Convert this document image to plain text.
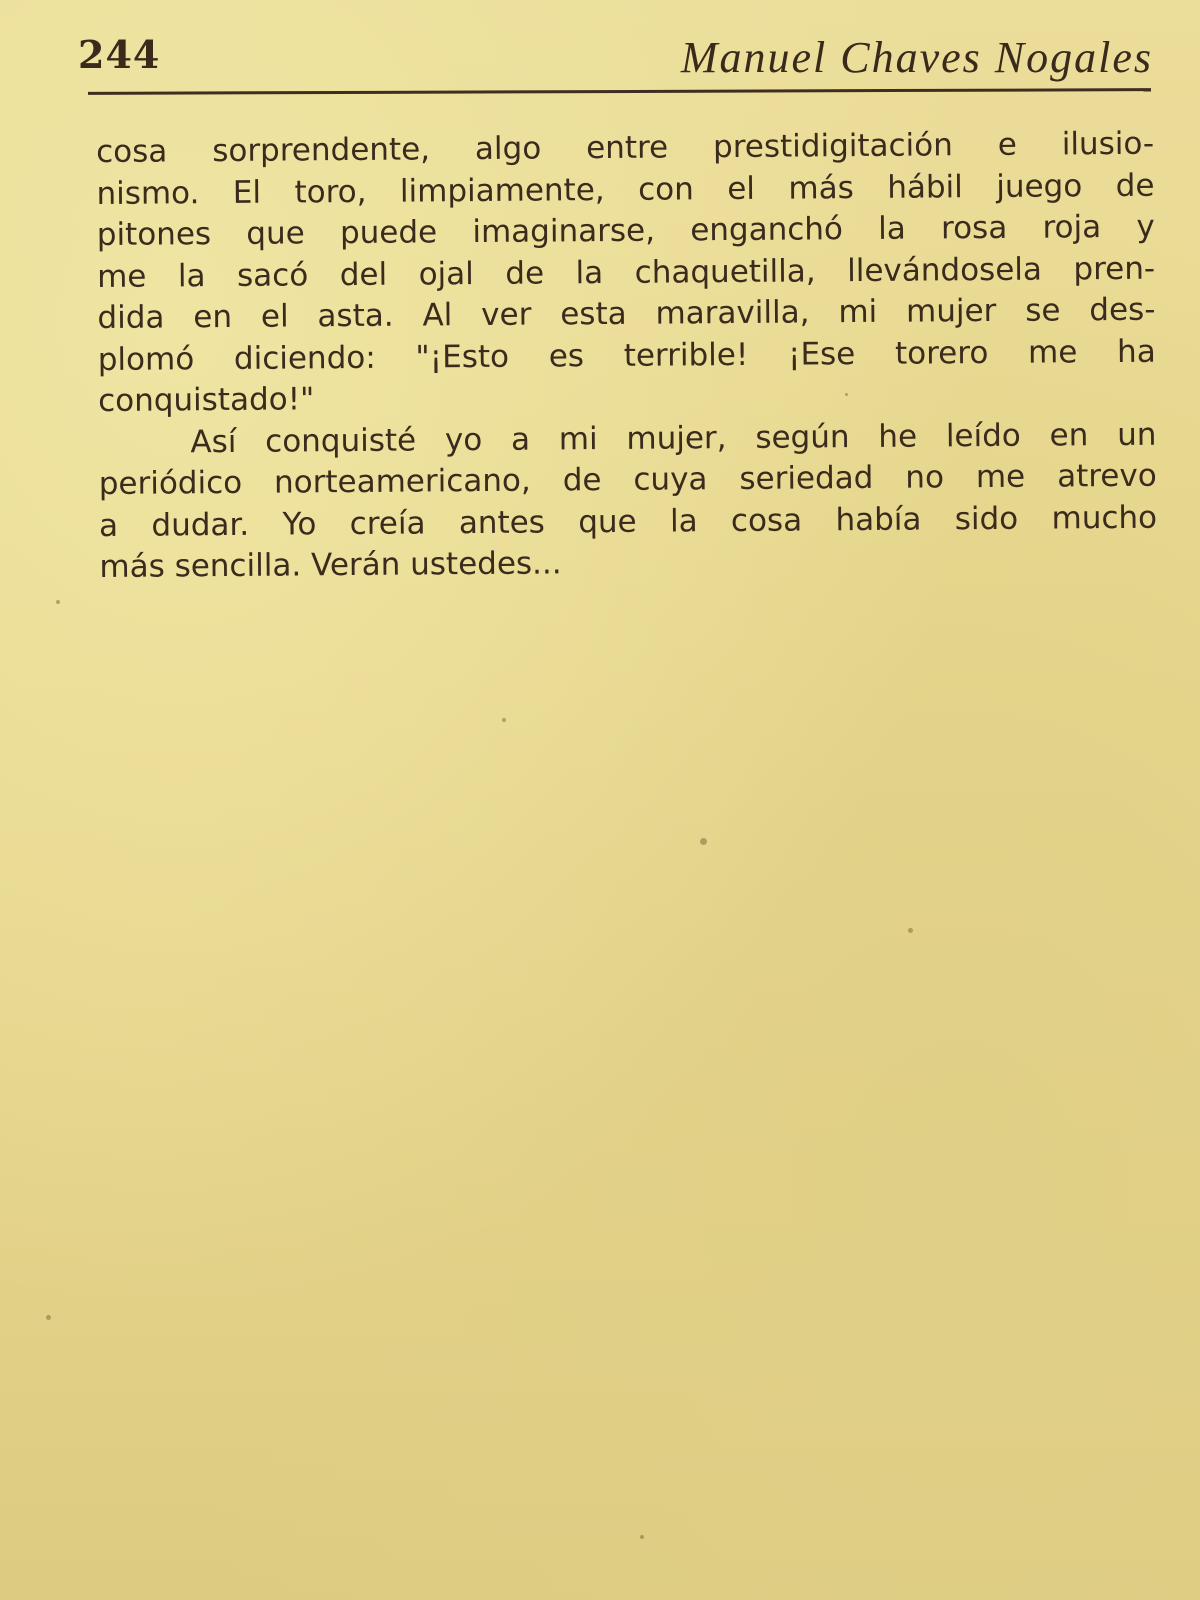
244	Manuel Chaves Nogales
cosa sorprendente, algo entre prestidigitación e ilusio-
nismo. El toro, limpiamente, con el más hábil juego de
pitones que puede imaginarse, enganchó la rosa roja y
me la sacó del ojal de la chaquetilla, llevándosela pren-
dida en el asta. Al ver esta maravilla, mi mujer se des-
plomó diciendo: "¡Esto es terrible! ¡Ese torero me ha
conquistado!"
Así conquisté yo a mi mujer, según he leído en un
periódico norteamericano, de cuya seriedad no me atrevo
a dudar. Yo creía antes que la cosa había sido mucho
más sencilla. Verán ustedes...
